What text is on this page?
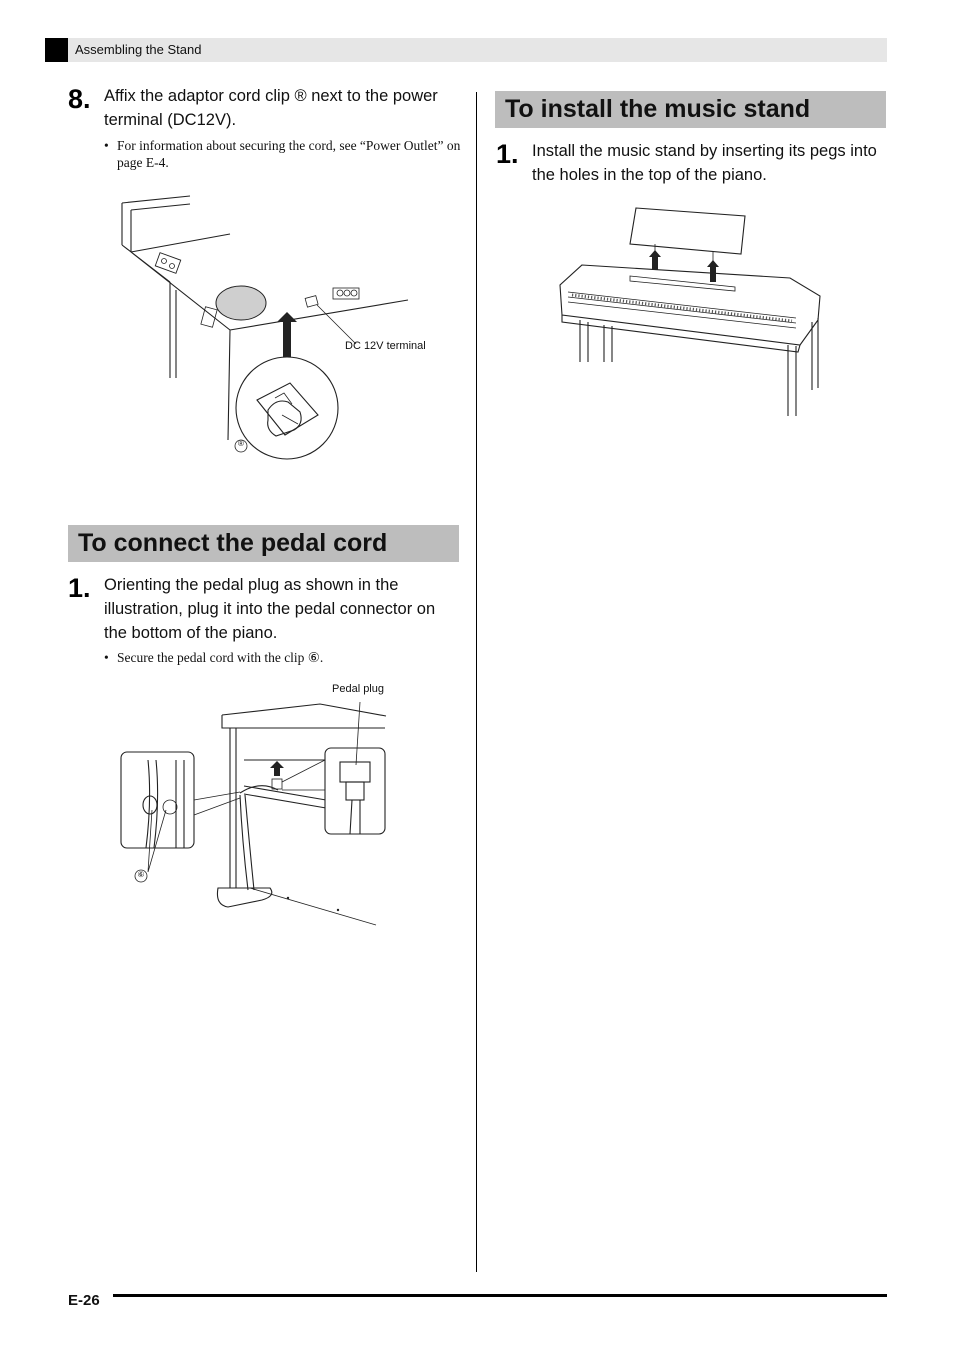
Assembling the Stand
8. Affix the adaptor cord clip ® next to the power terminal (DC12V).
• For information about securing the cord, see “Power Outlet” on page E-4.
DC 12V terminal
®
To connect the pedal cord
1. Orienting the pedal plug as shown in the illustration, plug it into the pedal connector on the bottom of the piano.
• Secure the pedal cord with the clip ⑥.
Pedal plug
⑥
To install the music stand
1. Install the music stand by inserting its pegs into the holes in the top of the piano.
E-26
